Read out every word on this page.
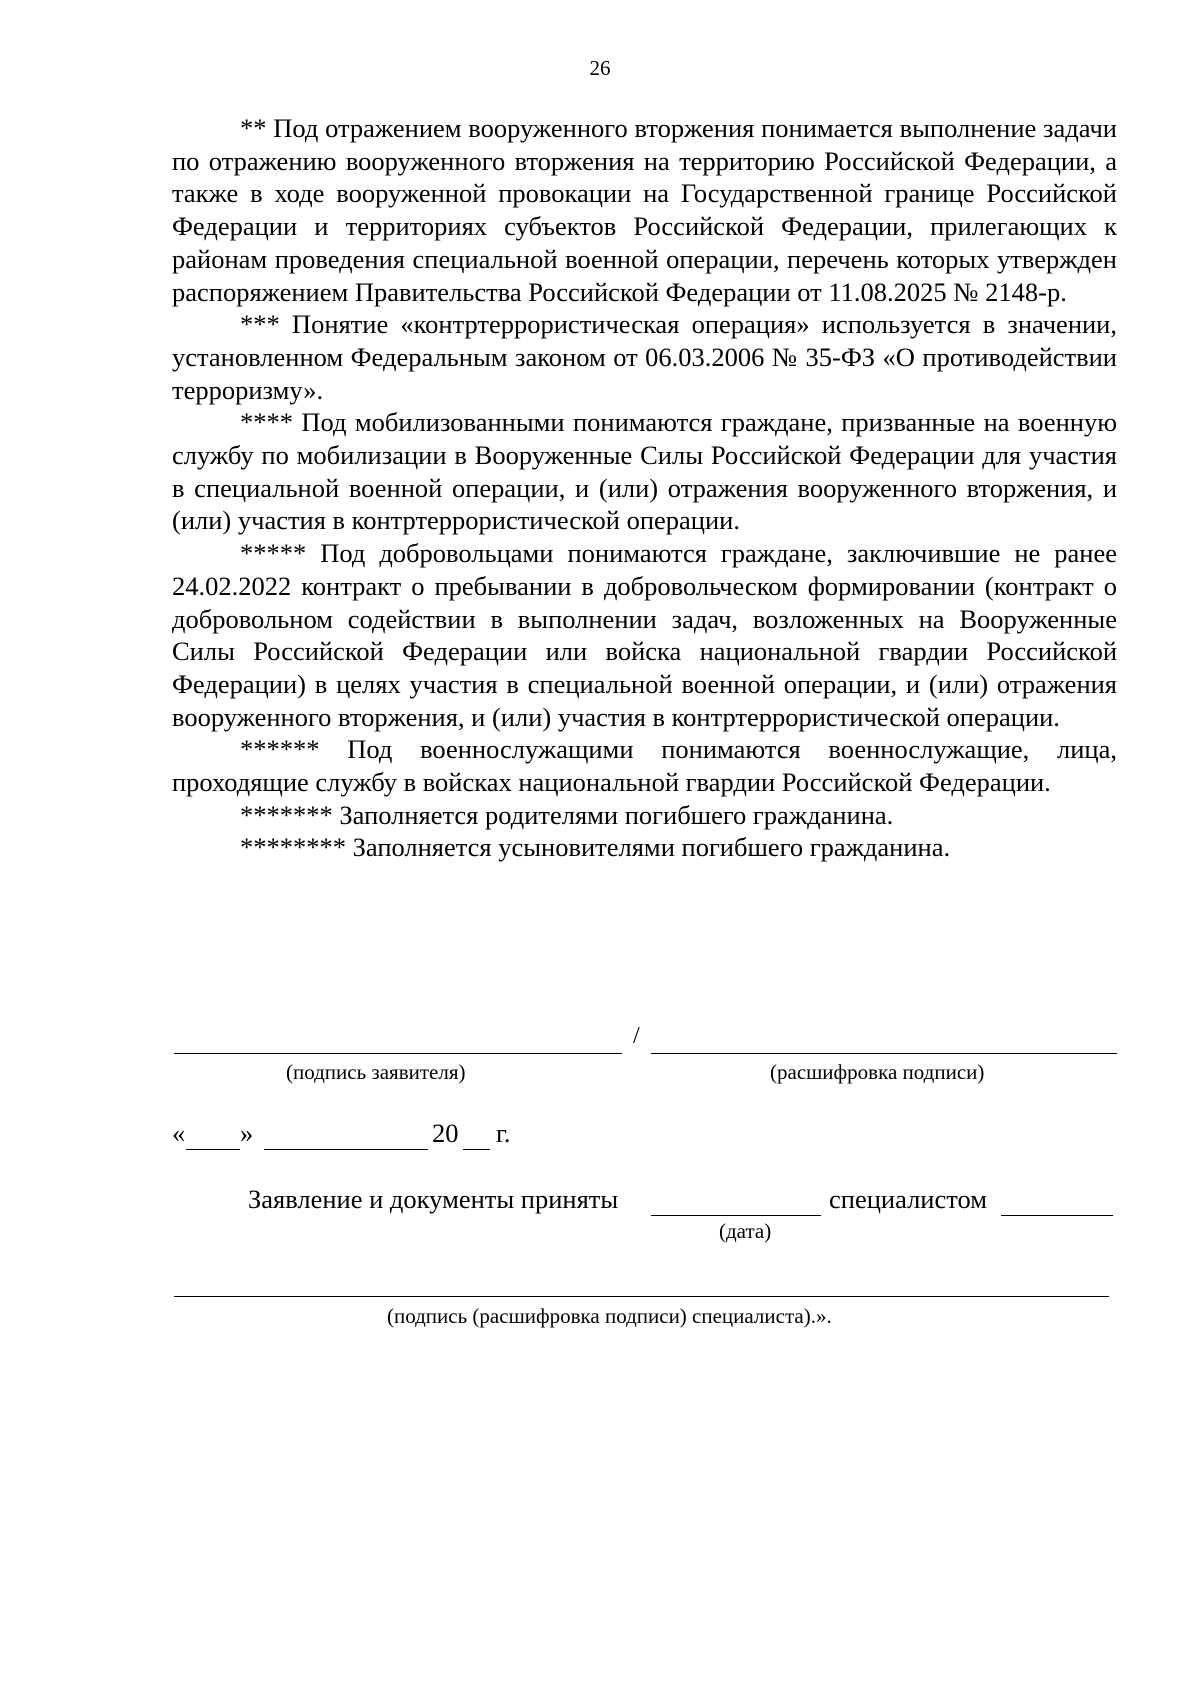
26

** Под отражением вооруженного вторжения понимается выполнение задачи по отражению вооруженного вторжения на территорию Российской Федерации, а также в ходе вооруженной провокации на Государственной границе Российской Федерации и территориях субъектов Российской Федерации, прилегающих к районам проведения специальной военной операции, перечень которых утвержден распоряжением Правительства Российской Федерации от 11.08.2025 № 2148-р.

*** Понятие «контртеррористическая операция» используется в значении, установленном Федеральным законом от 06.03.2006 № 35-ФЗ «О противодействии терроризму».

**** Под мобилизованными понимаются граждане, призванные на военную службу по мобилизации в Вооруженные Силы Российской Федерации для участия в специальной военной операции, и (или) отражения вооруженного вторжения, и (или) участия в контртеррористической операции.

***** Под добровольцами понимаются граждане, заключившие не ранее 24.02.2022 контракт о пребывании в добровольческом формировании (контракт о добровольном содействии в выполнении задач, возложенных на Вооруженные Силы Российской Федерации или войска национальной гвардии Российской Федерации) в целях участия в специальной военной операции, и (или) отражения вооруженного вторжения, и (или) участия в контртеррористической операции.

****** Под военнослужащими понимаются военнослужащие, лица, проходящие службу в войсках национальной гвардии Российской Федерации.

******* Заполняется родителями погибшего гражданина.

******** Заполняется усыновителями погибшего гражданина.

/
(подпись заявителя)	(расшифровка подписи)
« »	20 г.
Заявление и документы приняты	специалистом
(дата)
(подпись (расшифровка подписи) специалиста).».
